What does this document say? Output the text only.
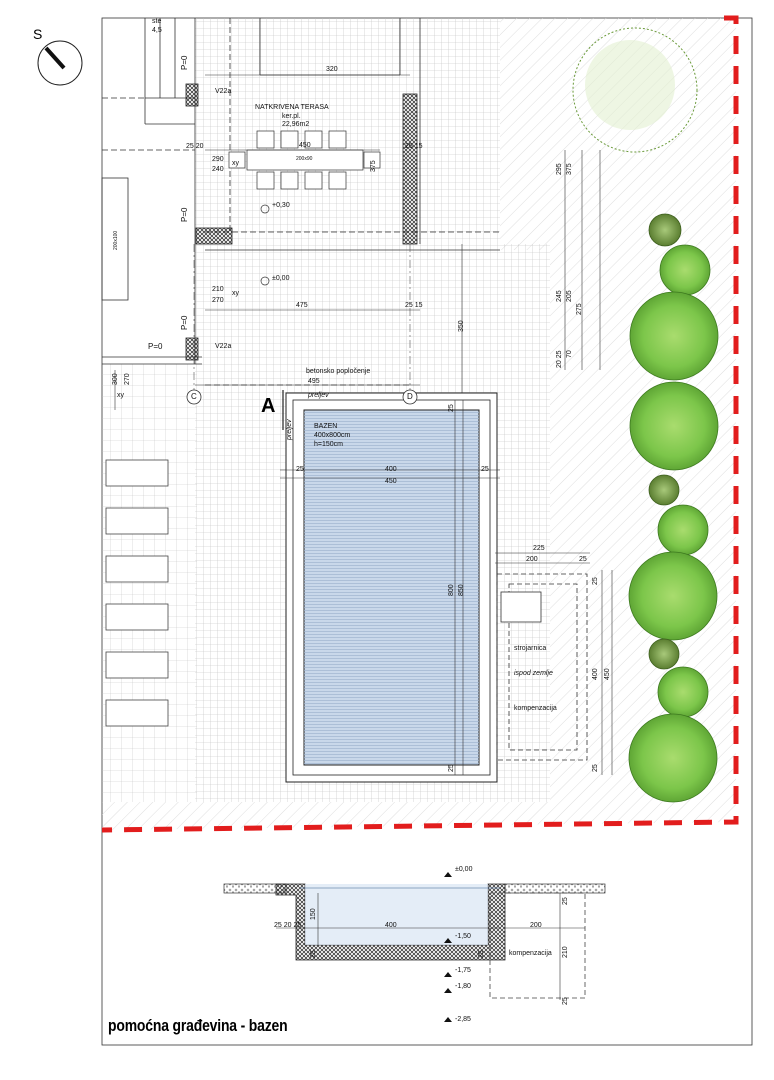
S
A
pomoćna građevina - bazen
NATKRIVENA TERASA
ker.pl.
22,96m2
betonsko popločenje
preljev
preljev	BAZEN
400x800cm
h=150cm
strojarnica
ispod zemlje
kompenzacija
kompenzacija
C	D
P=0
P=0
P=0
P=0
V22a
V22a
xy
xy
xy
+0,30
±0,00
±0,00
-1,50
-1,75
-1,80
-2,85
ste
4,5
200x90
200x100
320
450
375
25 20	25 15
290
240
210
270
475	25 15
350
495
300 270
400
450
25	25
25
25
800 850
225
200	25
400 450
25
25
295 375
245 205
275
20 25 70
25 20 25
150
400	200
210
25
25
25	25
